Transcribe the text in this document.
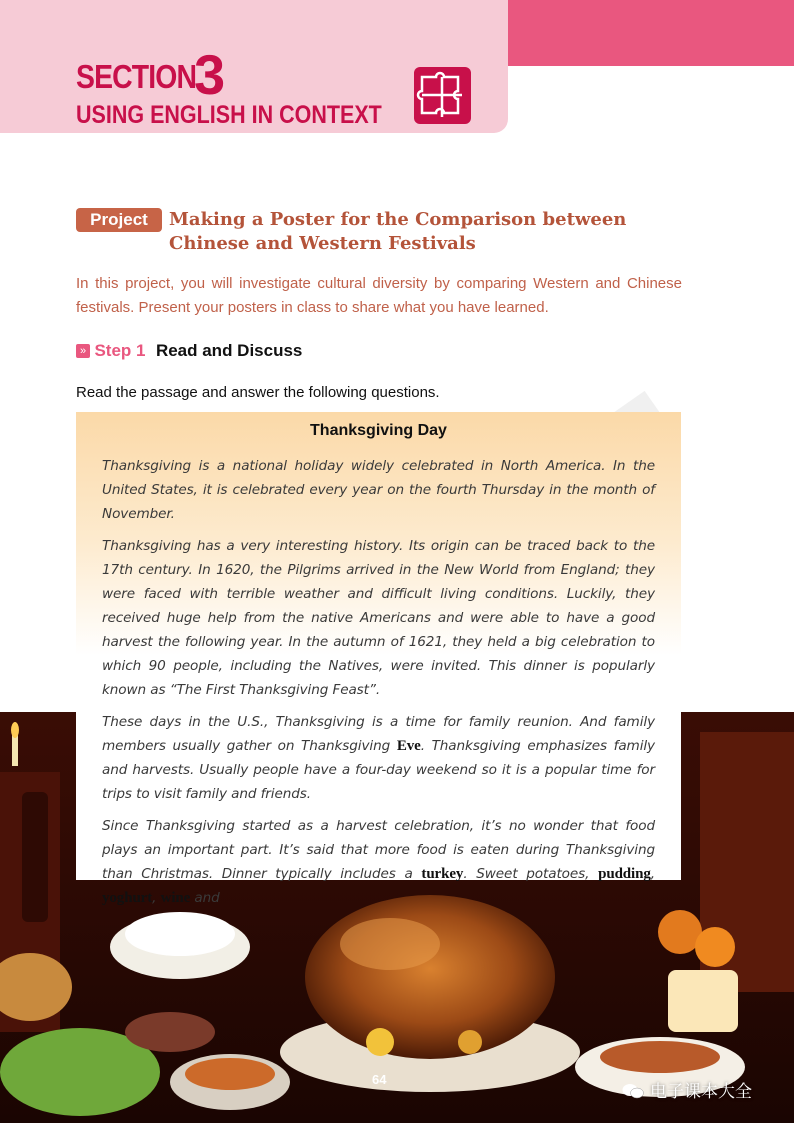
SECTION
3
USING ENGLISH IN CONTEXT
Project	Making a Poster for the Comparison between Chinese and Western Festivals
In this project, you will investigate cultural diversity by comparing Western and Chinese festivals. Present your posters in class to share what you have learned.
» Step 1 Read and Discuss
Read the passage and answer the following questions.
Thanksgiving Day

Thanksgiving is a national holiday widely celebrated in North America. In the United States, it is celebrated every year on the fourth Thursday in the month of November.

Thanksgiving has a very interesting history. Its origin can be traced back to the 17th century. In 1620, the Pilgrims arrived in the New World from England; they were faced with terrible weather and difficult living conditions. Luckily, they received huge help from the native Americans and were able to have a good harvest the following year. In the autumn of 1621, they held a big celebration to which 90 people, including the Natives, were invited. This dinner is popularly known as “The First Thanksgiving Feast”.

These days in the U.S., Thanksgiving is a time for family reunion. And family members usually gather on Thanksgiving Eve. Thanksgiving emphasizes family and harvests. Usually people have a four-day weekend so it is a popular time for trips to visit family and friends.

Since Thanksgiving started as a harvest celebration, it’s no wonder that food plays an important part. It’s said that more food is eaten during Thanksgiving than Christmas. Dinner typically includes a turkey. Sweet potatoes, pudding, yoghurt, wine and

64
电子课本大全
